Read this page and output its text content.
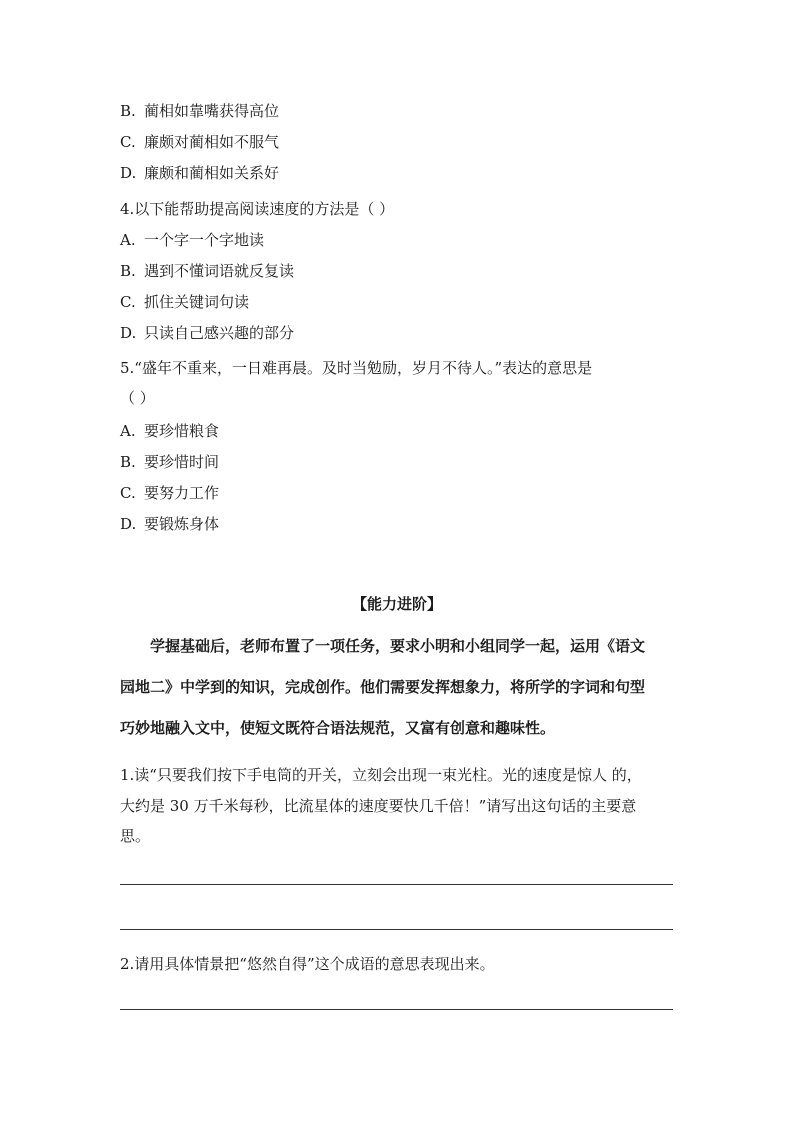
B. 蔺相如靠嘴获得高位
C. 廉颇对蔺相如不服气
D. 廉颇和蔺相如关系好
4.以下能帮助提高阅读速度的方法是（ ）
A. 一个字一个字地读
B. 遇到不懂词语就反复读
C. 抓住关键词句读
D. 只读自己感兴趣的部分
5.“盛年不重来，一日难再晨。及时当勉励，岁月不待人。”表达的意思是
（ ）
A. 要珍惜粮食
B. 要珍惜时间
C. 要努力工作
D. 要锻炼身体
【能力进阶】
　　学握基础后，老师布置了一项任务，要求小明和小组同学一起，运用《语文
园地二》中学到的知识，完成创作。他们需要发挥想象力，将所学的字词和句型
巧妙地融入文中，使短文既符合语法规范，又富有创意和趣味性。
1.读“只要我们按下手电筒的开关，立刻会出现一束光柱。光的速度是惊人 的，
大约是 30 万千米每秒，比流星体的速度要快几千倍！”请写出这句话的主要意
思。
2.请用具体情景把“悠然自得”这个成语的意思表现出来。
